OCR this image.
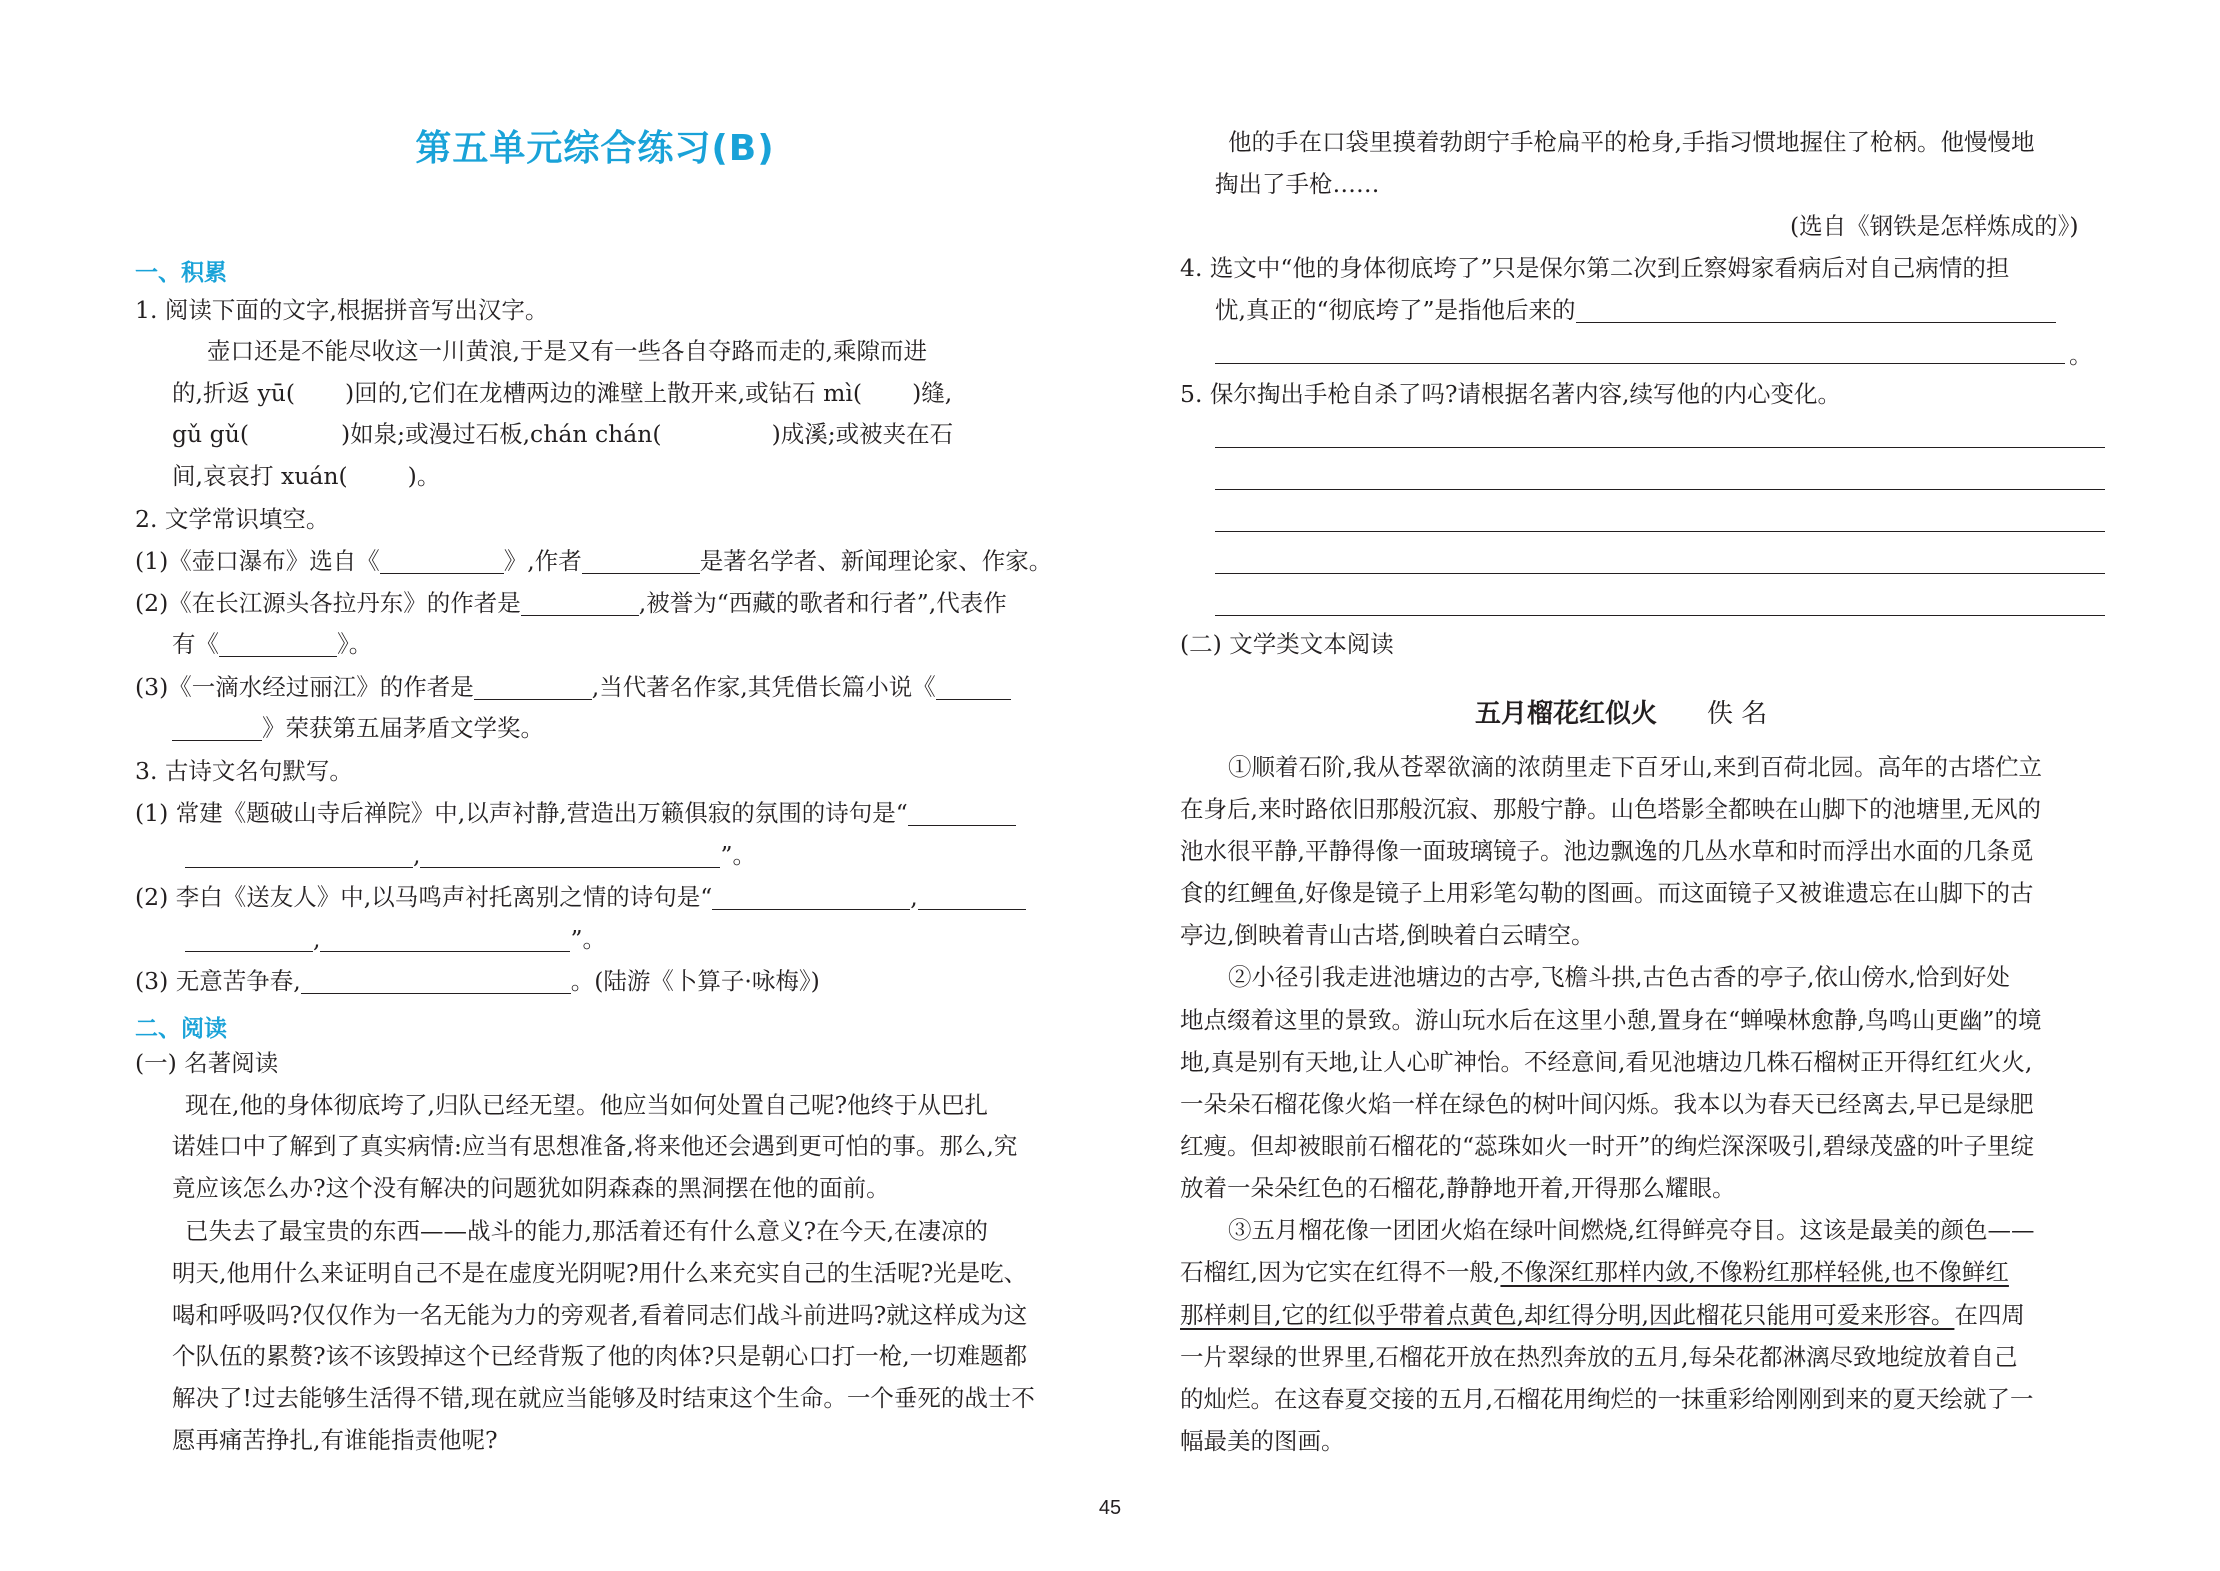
第五单元综合练习(B)
一、积累
1. 阅读下面的文字,根据拼音写出汉字。
壶口还是不能尽收这一川黄浪,于是又有一些各自夺路而走的,乘隙而进
的,折返 yū( )回的,它们在龙槽两边的滩壁上散开来,或钻石 mì( )缝,
gǔ gǔ(	)如泉;或漫过石板,chán chán(	)成溪;或被夹在石
间,哀哀打 xuán(	)。
2. 文学常识填空。
(1)《壶口瀑布》选自《	》,作者	是著名学者、新闻理论家、作家。
(2)《在长江源头各拉丹东》的作者是	,被誉为“西藏的歌者和行者”,代表作
有《	》。
(3)《一滴水经过丽江》的作者是	,当代著名作家,其凭借长篇小说《
》荣获第五届茅盾文学奖。
3. 古诗文名句默写。
(1) 常建《题破山寺后禅院》中,以声衬静,营造出万籁俱寂的氛围的诗句是“
,	”。
(2) 李白《送友人》中,以马鸣声衬托离别之情的诗句是“	,
,	”。
(3) 无意苦争春,	。(陆游《卜算子·咏梅》)
二、阅读
(一) 名著阅读
现在,他的身体彻底垮了,归队已经无望。他应当如何处置自己呢?他终于从巴扎
诺娃口中了解到了真实病情:应当有思想准备,将来他还会遇到更可怕的事。那么,究
竟应该怎么办?这个没有解决的问题犹如阴森森的黑洞摆在他的面前。
已失去了最宝贵的东西——战斗的能力,那活着还有什么意义?在今天,在凄凉的
明天,他用什么来证明自己不是在虚度光阴呢?用什么来充实自己的生活呢?光是吃、
喝和呼吸吗?仅仅作为一名无能为力的旁观者,看着同志们战斗前进吗?就这样成为这
个队伍的累赘?该不该毁掉这个已经背叛了他的肉体?只是朝心口打一枪,一切难题都
解决了!过去能够生活得不错,现在就应当能够及时结束这个生命。一个垂死的战士不
愿再痛苦挣扎,有谁能指责他呢?
他的手在口袋里摸着勃朗宁手枪扁平的枪身,手指习惯地握住了枪柄。他慢慢地
掏出了手枪……
(选自《钢铁是怎样炼成的》)
4. 选文中“他的身体彻底垮了”只是保尔第二次到丘察姆家看病后对自己病情的担
忧,真正的“彻底垮了”是指他后来的
。
5. 保尔掏出手枪自杀了吗?请根据名著内容,续写他的内心变化。
(二) 文学类文本阅读
五月榴花红似火 佚 名
①顺着石阶,我从苍翠欲滴的浓荫里走下百牙山,来到百荷北园。高年的古塔伫立
在身后,来时路依旧那般沉寂、那般宁静。山色塔影全都映在山脚下的池塘里,无风的
池水很平静,平静得像一面玻璃镜子。池边飘逸的几丛水草和时而浮出水面的几条觅
食的红鲤鱼,好像是镜子上用彩笔勾勒的图画。而这面镜子又被谁遗忘在山脚下的古
亭边,倒映着青山古塔,倒映着白云晴空。
②小径引我走进池塘边的古亭,飞檐斗拱,古色古香的亭子,依山傍水,恰到好处
地点缀着这里的景致。游山玩水后在这里小憩,置身在“蝉噪林愈静,鸟鸣山更幽”的境
地,真是别有天地,让人心旷神怡。不经意间,看见池塘边几株石榴树正开得红红火火,
一朵朵石榴花像火焰一样在绿色的树叶间闪烁。我本以为春天已经离去,早已是绿肥
红瘦。但却被眼前石榴花的“蕊珠如火一时开”的绚烂深深吸引,碧绿茂盛的叶子里绽
放着一朵朵红色的石榴花,静静地开着,开得那么耀眼。
③五月榴花像一团团火焰在绿叶间燃烧,红得鲜亮夺目。这该是最美的颜色——
石榴红,因为它实在红得不一般,不像深红那样内敛,不像粉红那样轻佻,也不像鲜红
那样刺目,它的红似乎带着点黄色,却红得分明,因此榴花只能用可爱来形容。在四周
一片翠绿的世界里,石榴花开放在热烈奔放的五月,每朵花都淋漓尽致地绽放着自己
的灿烂。在这春夏交接的五月,石榴花用绚烂的一抹重彩给刚刚到来的夏天绘就了一
幅最美的图画。
45
